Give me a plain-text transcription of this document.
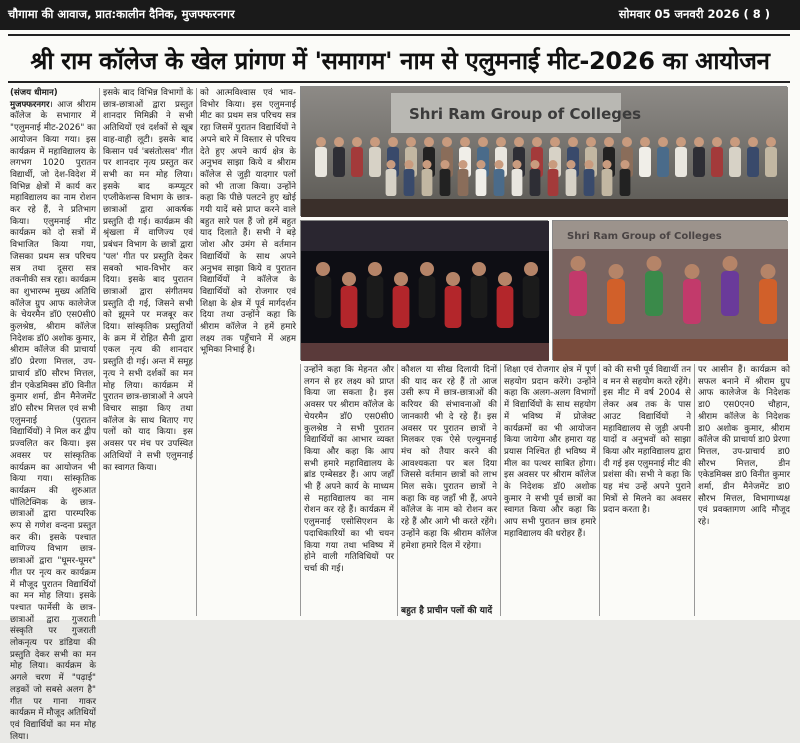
चौगामा की आवाज, प्रात:कालीन दैनिक, मुजफ्फरनगर	सोमवार 05 जनवरी 2026 ( 8 )
श्री राम कॉलेज के खेल प्रांगण में 'समागम' नाम से एलुमनाई मीट-2026 का आयोजन

(संजय धीमान)

मुजफ्फरनगर। आज श्रीराम कॉलेज के सभागार में "एलुमनाई मीट-2026" का आयोजन किया गया। इस कार्यक्रम में महाविद्यालय के लगभग 1020 पुरातन विद्यार्थी, जो देश-विदेश में विभिन्न क्षेत्रों में कार्य कर महाविद्यालय का नाम रोशन कर रहे हैं, ने प्रतिभाग किया। एलुमनाई मीट कार्यक्रम को दो सत्रों में विभाजित किया गया, जिसका प्रथम सत्र परिचय सत्र तथा दूसरा सत्र तकनीकी सत्र रहा। कार्यक्रम का शुभारम्भ मुख्य अतिथि कॉलेज ग्रुप आफ कालेजेज के चेयरमैन डॉ0 एस0सी0 कुलश्रेष्ठ, श्रीराम कॉलेज निदेशक डॉ0 अशोक कुमार, श्रीराम कॉलेज की प्राचार्या डॉ0 प्रेरणा मित्तल, उप-प्राचार्य डॉ0 सौरभ मित्तल, डीन एकेडमिक्स डॉ0 विनीत कुमार शर्मा, डीन मैनेजमेंट डॉ0 सौरभ मित्तल एवं सभी एलुमनाई (पुरातन विद्यार्थियों) ने मिल कर द्वीप प्रज्वलित कर किया। इस अवसर पर सांस्कृतिक कार्यक्रम का आयोजन भी किया गया। सांस्कृतिक कार्यक्रम की शुरुआत पॉलिटेक्निक के छात्र-छात्राओं द्वारा पारम्परिक रूप से गणेश वन्दना प्रस्तुत कर की। इसके पश्चात वाणिज्य विभाग छात्र-छात्राओं द्वारा "घूमर-घूमर" गीत पर नृत्य कर कार्यक्रम में मौजूद पुरातन विद्यार्थियों का मन मोह लिया। इसके पश्चात फार्मेसी के छात्र-छात्राओं द्वारा गुजराती संस्कृति पर गुजराती लोकनृत्य पर डांडिया की प्रस्तुति देकर सभी का मन मोह लिया। कार्यक्रम के अगले चरण में "पढ़ाई" लड़कों जो सबसे अलग है" गीत पर गाना गाकर कार्यक्रम में मौजूद अतिथियों एवं विद्यार्थियों का मन मोह लिया।

इसके बाद विभिन्न विभागों के छात्र-छात्राओं द्वारा प्रस्तुत शानदार मिमिक्री ने सभी अतिथियों एवं दर्शकों से खूब वाह-वाही लूटी। इसके बाद किसान पर्व 'बसंतोत्सव' गीत पर शानदार नृत्य प्रस्तुत कर सभी का मन मोह लिया। इसके बाद कम्प्यूटर एप्लीकेशन्स विभाग के छात्र-छात्राओं द्वारा आकर्षक प्रस्तुति दी गई। कार्यक्रम की श्रृंखला में वाणिज्य एवं प्रबंधन विभाग के छात्रों द्वारा 'पल' गीत पर प्रस्तुति देकर सबको भाव-विभोर कर दिया। इसके बाद पुरातन छात्राओं द्वारा संगीतमय प्रस्तुति दी गई, जिसने सभी को झूमने पर मजबूर कर दिया। सांस्कृतिक प्रस्तुतियों के क्रम में रोहित सैनी द्वारा एकल नृत्य की शानदार प्रस्तुति दी गई। अन्त में समूह नृत्य ने सभी दर्शकों का मन मोह लिया। कार्यक्रम में पुरातन छात्र-छात्राओं ने अपने विचार साझा किए तथा कॉलेज के साथ बिताए गए पलों को याद किया। इस अवसर पर मंच पर उपस्थित अतिथियों ने सभी एलुमनाई का स्वागत किया।

को आत्मविश्वास एवं भाव-विभोर किया। इस एलुमनाई मीट का प्रथम सत्र परिचय सत्र रहा जिसमें पुरातन विद्यार्थियों ने अपने बारे में विस्तार से परिचय देते हुए अपने कार्य क्षेत्र के अनुभव साझा किये व श्रीराम कॉलेज से जुड़ी यादगार पलों को भी ताजा किया। उन्होंने कहा कि पीछे पलटने हुए खोई गयी यादें बसे प्राप्त करने वाले बहुत सारे पल हैं जो हमें बहुत याद दिलाते हैं। सभी ने बड़े जोश और उमंग से वर्तमान विद्यार्थियों के साथ अपने अनुभव साझा किये व पुरातन विद्यार्थियों ने कॉलेज के विद्यार्थियों को रोजगार एवं शिक्षा के क्षेत्र में पूर्व मार्गदर्शन दिया तथा उन्होंने कहा कि श्रीराम कॉलेज ने हमें हमारे लक्ष्य तक पहुँचाने में अहम भूमिका निभाई है।

Shri Ram Group of Colleges
Shri Ram Group of Colleges

उन्होंने कहा कि मेहनत और लगन से हर लक्ष्य को प्राप्त किया जा सकता है। इस अवसर पर श्रीराम कॉलेज के चेयरमैन डॉ0 एस0सी0 कुलश्रेष्ठ ने सभी पुरातन विद्यार्थियों का आभार व्यक्त किया और कहा कि आप सभी हमारे महाविद्यालय के ब्रांड एम्बेसडर हैं। आप जहाँ भी हैं अपने कार्य के माध्यम से महाविद्यालय का नाम रोशन कर रहे हैं। कार्यक्रम में एलुमनाई एसोसिएशन के पदाधिकारियों का भी चयन किया गया तथा भविष्य में होने वाली गतिविधियों पर चर्चा की गई।

कौशल या सीख दिलायी दिनों की याद कर रहे हैं तो आज उसी रूप में छात्र-छात्राओं की करियर की संभावनाओं की जानकारी भी दे रहे हैं। इस अवसर पर पुरातन छात्रों ने मिलकर एक ऐसे एल्युमनाई मंच को तैयार करने की आवश्यकता पर बल दिया जिससे वर्तमान छात्रों को लाभ मिल सके। पुरातन छात्रों ने कहा कि वह जहाँ भी हैं, अपने कॉलेज के नाम को रोशन कर रहे हैं और आगे भी करते रहेंगे। उन्होंने कहा कि श्रीराम कॉलेज हमेशा हमारे दिल में रहेगा।

शिक्षा एवं रोजगार क्षेत्र में पूर्ण सहयोग प्रदान करेंगे। उन्होंने कहा कि अलग-अलग विभागों में विद्यार्थियों के साथ सहयोग में भविष्य में प्रोजेक्ट कार्यक्रमों का भी आयोजन किया जायेगा और हमारा यह प्रयास निश्चित ही भविष्य में मील का पत्थर साबित होगा। इस अवसर पर श्रीराम कॉलेज के निदेशक डॉ0 अशोक कुमार ने सभी पूर्व छात्रों का स्वागत किया और कहा कि आप सभी पुरातन छात्र हमारे महाविद्यालय की धरोहर हैं।

को की सभी पूर्व विद्यार्थी तन व मन से सहयोग करते रहेंगे। इस मीट में वर्ष 2004 से लेकर अब तक के पास आउट विद्यार्थियों ने महाविद्यालय से जुड़ी अपनी यादों व अनुभवों को साझा किया और महाविद्यालय द्वारा दी गई इस एलुमनाई मीट की प्रशंसा की। सभी ने कहा कि यह मंच उन्हें अपने पुराने मित्रों से मिलने का अवसर प्रदान करता है।

पर आसीन हैं। कार्यक्रम को सफल बनाने में श्रीराम ग्रुप आफ कालेजेज के निदेशक डा0 एस0एन0 चौहान, श्रीराम कॉलेज के निदेशक डा0 अशोक कुमार, श्रीराम कॉलेज की प्राचार्या डा0 प्रेरणा मित्तल, उप-प्राचार्य डा0 सौरभ मित्तल, डीन एकेडमिक्स डा0 विनीत कुमार शर्मा, डीन मैनेजमेंट डा0 सौरभ मित्तल, विभागाध्यक्ष एवं प्रवक्तागण आदि मौजूद रहे।

बहुत है प्राचीन पलों की यादें
